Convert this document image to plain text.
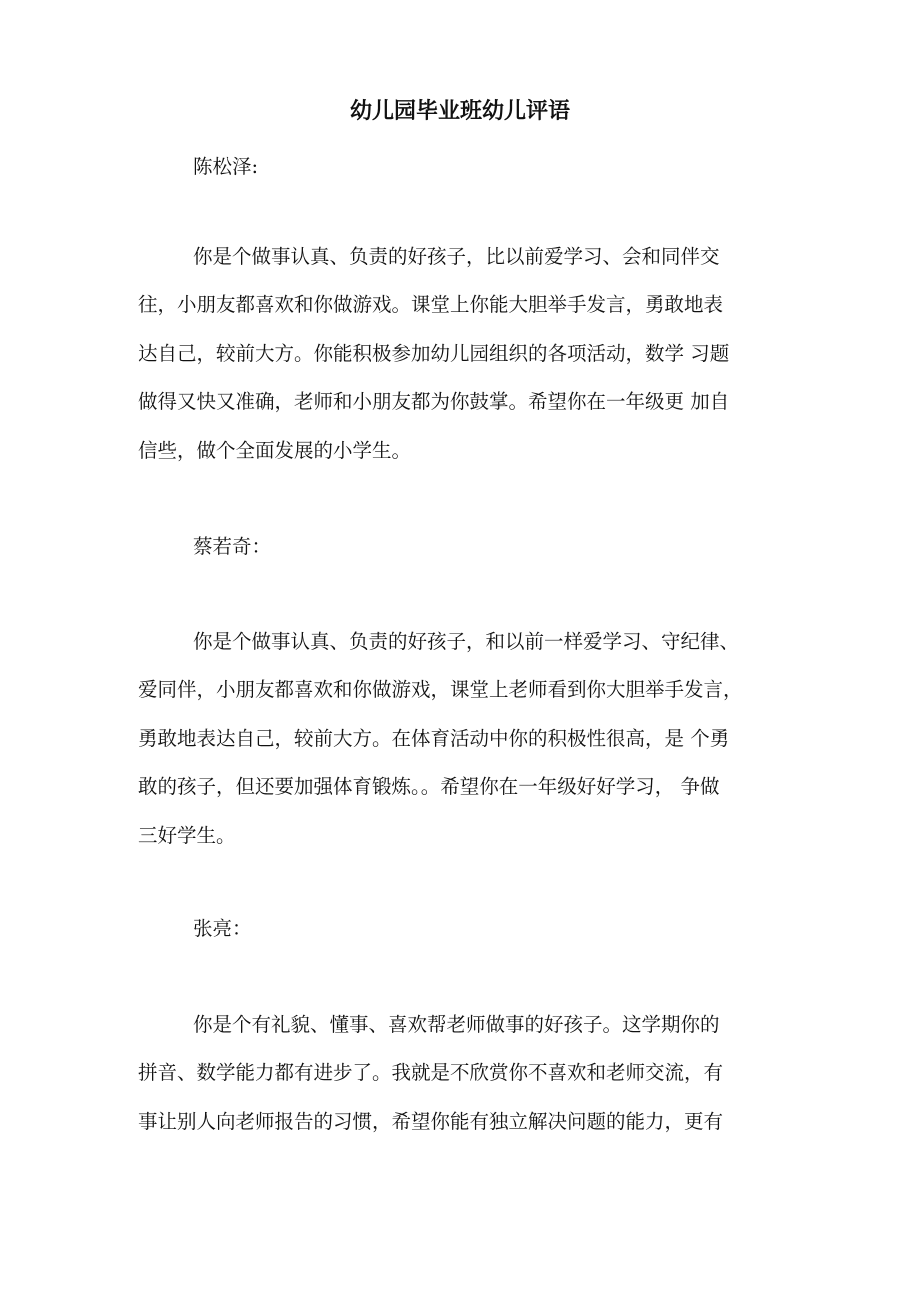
幼儿园毕业班幼儿评语

陈松泽:

你是个做事认真、负责的好孩子，比以前爱学习、会和同伴交
往，小朋友都喜欢和你做游戏。课堂上你能大胆举手发言，勇敢地表
达自己，较前大方。你能积极参加幼儿园组织的各项活动，数学 习题
做得又快又准确，老师和小朋友都为你鼓掌。希望你在一年级更 加自
信些，做个全面发展的小学生。

蔡若奇：

你是个做事认真、负责的好孩子，和以前一样爱学习、守纪律、
爱同伴，小朋友都喜欢和你做游戏，课堂上老师看到你大胆举手发言，
勇敢地表达自己，较前大方。在体育活动中你的积极性很高，是 个勇
敢的孩子，但还要加强体育锻炼。。希望你在一年级好好学习， 争做
三好学生。

张亮：

你是个有礼貌、懂事、喜欢帮老师做事的好孩子。这学期你的
拼音、数学能力都有进步了。我就是不欣赏你不喜欢和老师交流，有
事让别人向老师报告的习惯，希望你能有独立解决问题的能力，更有
